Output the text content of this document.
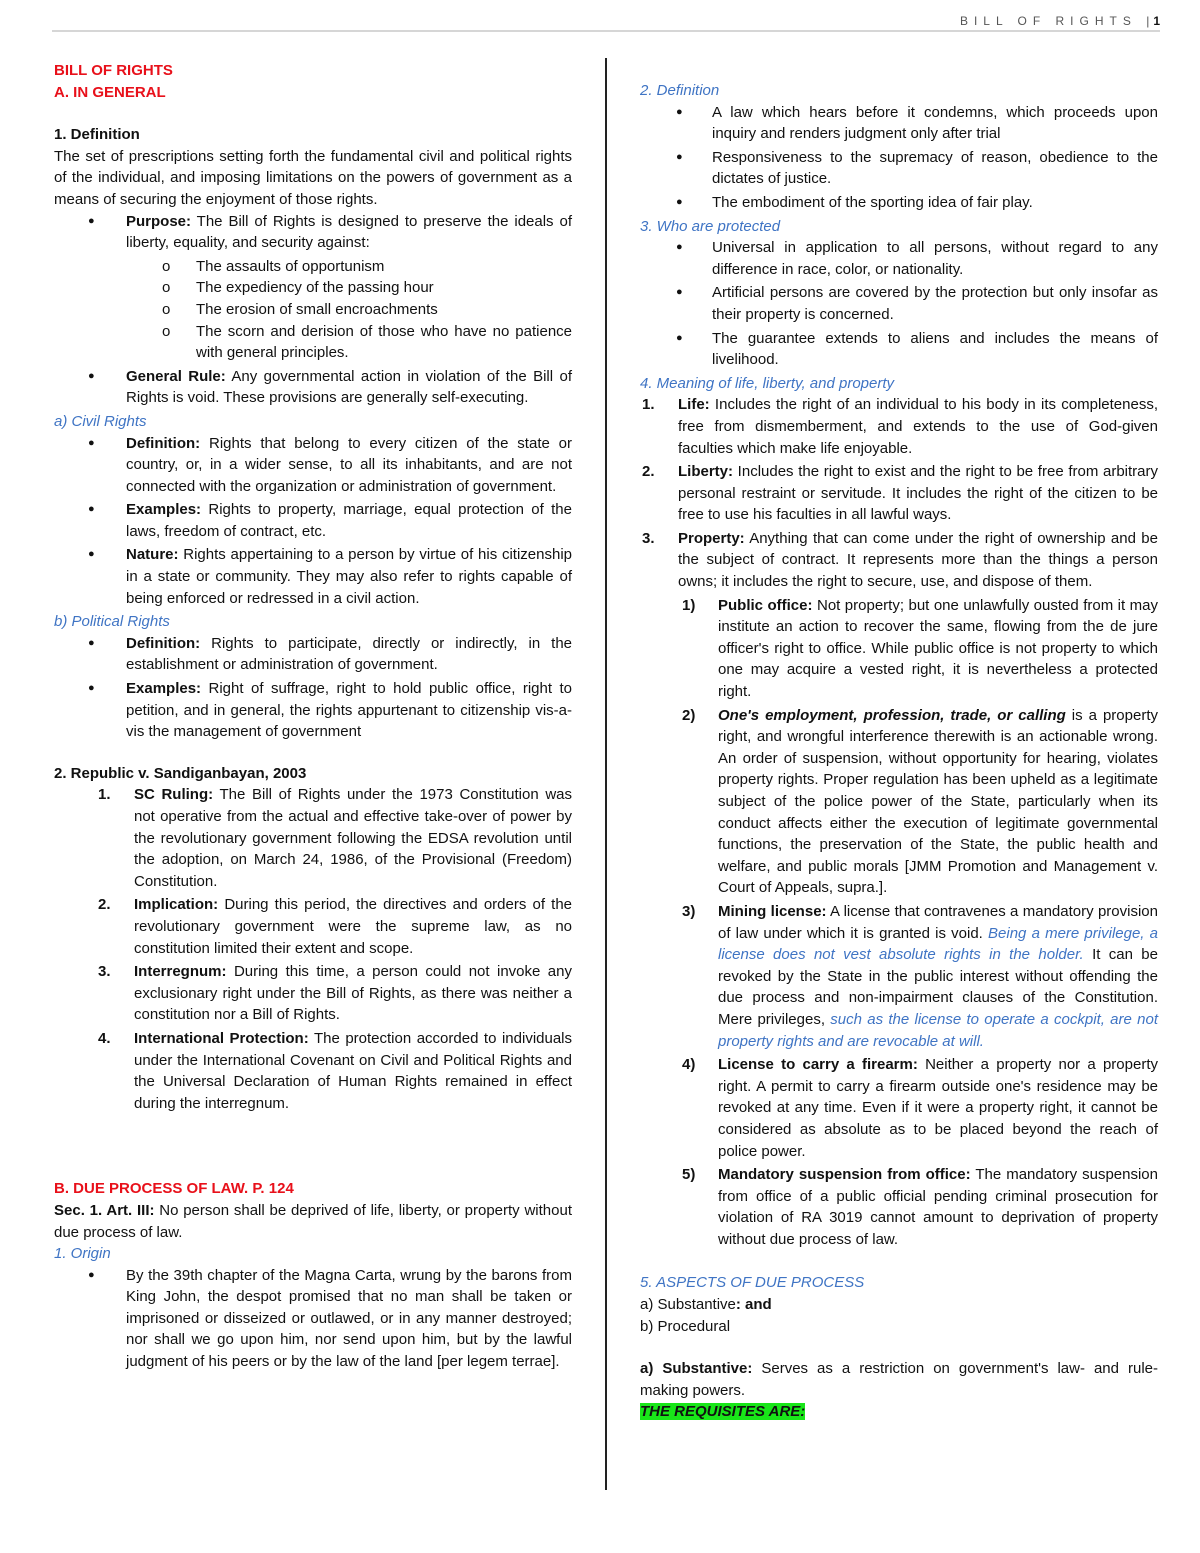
BILL OF RIGHTS | 1

BILL OF RIGHTS

A. IN GENERAL

1. Definition

The set of prescriptions setting forth the fundamental civil and political rights of the individual, and imposing limitations on the powers of government as a means of securing the enjoyment of those rights.

● Purpose: The Bill of Rights is designed to preserve the ideals of liberty, equality, and security against:
o The assaults of opportunism
o The expediency of the passing hour
o The erosion of small encroachments
o The scorn and derision of those who have no patience with general principles.
● General Rule: Any governmental action in violation of the Bill of Rights is void. These provisions are generally self-executing.

a) Civil Rights

● Definition: Rights that belong to every citizen of the state or country, or, in a wider sense, to all its inhabitants, and are not connected with the organization or administration of government.
● Examples: Rights to property, marriage, equal protection of the laws, freedom of contract, etc.
● Nature: Rights appertaining to a person by virtue of his citizenship in a state or community. They may also refer to rights capable of being enforced or redressed in a civil action.

b) Political Rights

● Definition: Rights to participate, directly or indirectly, in the establishment or administration of government.
● Examples: Right of suffrage, right to hold public office, right to petition, and in general, the rights appurtenant to citizenship vis-a-vis the management of government

2. Republic v. Sandiganbayan, 2003

1. SC Ruling: The Bill of Rights under the 1973 Constitution was not operative from the actual and effective take-over of power by the revolutionary government following the EDSA revolution until the adoption, on March 24, 1986, of the Provisional (Freedom) Constitution.
2. Implication: During this period, the directives and orders of the revolutionary government were the supreme law, as no constitution limited their extent and scope.
3. Interregnum: During this time, a person could not invoke any exclusionary right under the Bill of Rights, as there was neither a constitution nor a Bill of Rights.
4. International Protection: The protection accorded to individuals under the International Covenant on Civil and Political Rights and the Universal Declaration of Human Rights remained in effect during the interregnum.

B. DUE PROCESS OF LAW. P. 124

Sec. 1. Art. III: No person shall be deprived of life, liberty, or property without due process of law.

1. Origin

● By the 39th chapter of the Magna Carta, wrung by the barons from King John, the despot promised that no man shall be taken or imprisoned or disseized or outlawed, or in any manner destroyed; nor shall we go upon him, nor send upon him, but by the lawful judgment of his peers or by the law of the land [per legem terrae].

2. Definition

● A law which hears before it condemns, which proceeds upon inquiry and renders judgment only after trial
● Responsiveness to the supremacy of reason, obedience to the dictates of justice.
● The embodiment of the sporting idea of fair play.

3. Who are protected

● Universal in application to all persons, without regard to any difference in race, color, or nationality.
● Artificial persons are covered by the protection but only insofar as their property is concerned.
● The guarantee extends to aliens and includes the means of livelihood.

4. Meaning of life, liberty, and property

1. Life: Includes the right of an individual to his body in its completeness, free from dismemberment, and extends to the use of God-given faculties which make life enjoyable.
2. Liberty: Includes the right to exist and the right to be free from arbitrary personal restraint or servitude. It includes the right of the citizen to be free to use his faculties in all lawful ways.
3. Property: Anything that can come under the right of ownership and be the subject of contract. It represents more than the things a person owns; it includes the right to secure, use, and dispose of them.
1) Public office: Not property; but one unlawfully ousted from it may institute an action to recover the same, flowing from the de jure officer's right to office. While public office is not property to which one may acquire a vested right, it is nevertheless a protected right.
2) One's employment, profession, trade, or calling is a property right, and wrongful interference therewith is an actionable wrong. An order of suspension, without opportunity for hearing, violates property rights. Proper regulation has been upheld as a legitimate subject of the police power of the State, particularly when its conduct affects either the execution of legitimate governmental functions, the preservation of the State, the public health and welfare, and public morals [JMM Promotion and Management v. Court of Appeals, supra.].
3) Mining license: A license that contravenes a mandatory provision of law under which it is granted is void. Being a mere privilege, a license does not vest absolute rights in the holder. It can be revoked by the State in the public interest without offending the due process and non-impairment clauses of the Constitution. Mere privileges, such as the license to operate a cockpit, are not property rights and are revocable at will.
4) License to carry a firearm: Neither a property nor a property right. A permit to carry a firearm outside one's residence may be revoked at any time. Even if it were a property right, it cannot be considered as absolute as to be placed beyond the reach of police power.
5) Mandatory suspension from office: The mandatory suspension from office of a public official pending criminal prosecution for violation of RA 3019 cannot amount to deprivation of property without due process of law.

5. ASPECTS OF DUE PROCESS

a) Substantive: and

b) Procedural

a) Substantive: Serves as a restriction on government's law- and rule-making powers.

THE REQUISITES ARE:
